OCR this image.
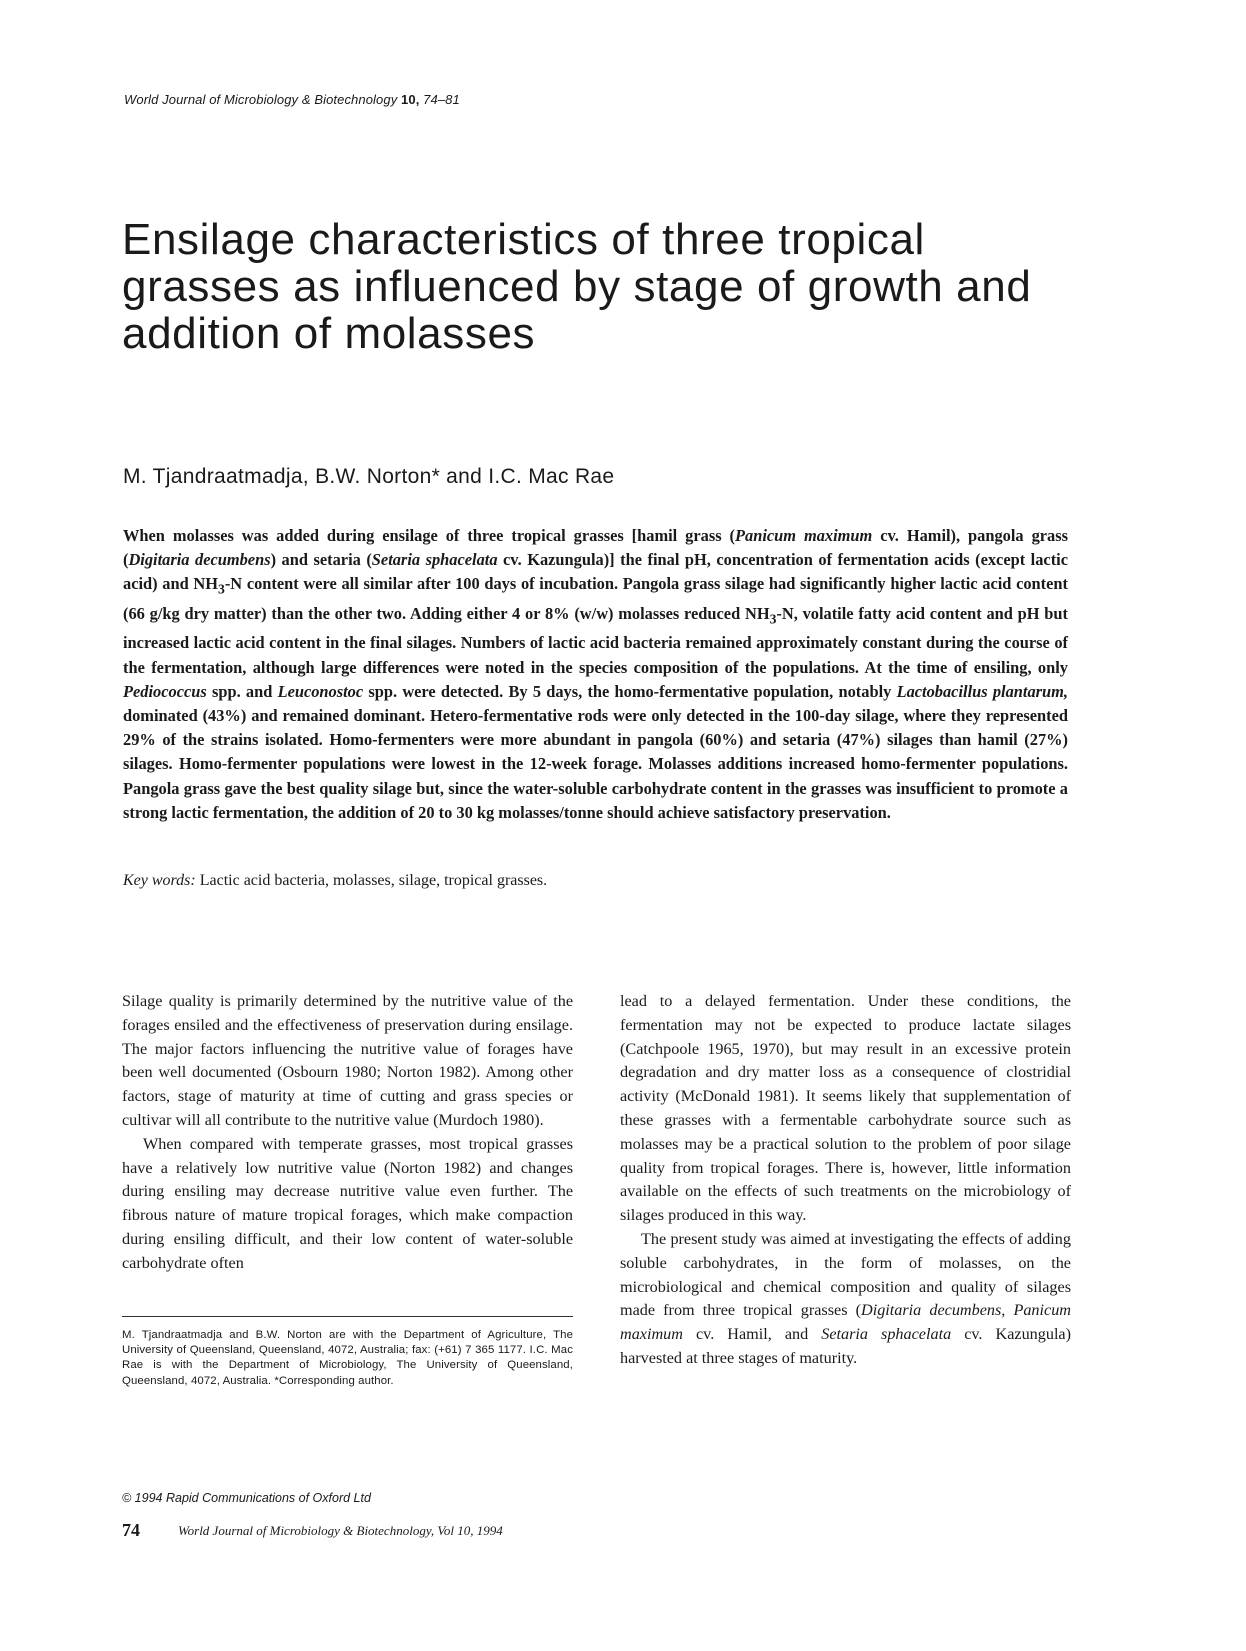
World Journal of Microbiology & Biotechnology 10, 74–81
Ensilage characteristics of three tropical grasses as influenced by stage of growth and addition of molasses
M. Tjandraatmadja, B.W. Norton* and I.C. Mac Rae

When molasses was added during ensilage of three tropical grasses [hamil grass (Panicum maximum cv. Hamil), pangola grass (Digitaria decumbens) and setaria (Setaria sphacelata cv. Kazungula)] the final pH, concentration of fermentation acids (except lactic acid) and $NH_3-N$ content were all similar after 100 days of incubation. Pangola grass silage had significantly higher lactic acid content (66 g/kg dry matter) than the other two. Adding either 4 or 8% (w/w) molasses reduced $NH_3-N$, volatile fatty acid content and pH but increased lactic acid content in the final silages. Numbers of lactic acid bacteria remained approximately constant during the course of the fermentation, although large differences were noted in the species composition of the populations. At the time of ensiling, only Pediococcus spp. and Leuconostoc spp. were detected. By 5 days, the homo-fermentative population, notably Lactobacillus plantarum, dominated (43%) and remained dominant. Hetero-fermentative rods were only detected in the 100-day silage, where they represented 29% of the strains isolated. Homo-fermenters were more abundant in pangola (60%) and setaria (47%) silages than hamil (27%) silages. Homo-fermenter populations were lowest in the 12-week forage. Molasses additions increased homo-fermenter populations. Pangola grass gave the best quality silage but, since the water-soluble carbohydrate content in the grasses was insufficient to promote a strong lactic fermentation, the addition of 20 to 30 kg molasses/tonne should achieve satisfactory preservation.

Key words: Lactic acid bacteria, molasses, silage, tropical grasses.

Silage quality is primarily determined by the nutritive value of the forages ensiled and the effectiveness of preservation during ensilage. The major factors influencing the nutritive value of forages have been well documented (Osbourn 1980; Norton 1982). Among other factors, stage of maturity at time of cutting and grass species or cultivar will all contribute to the nutritive value (Murdoch 1980).

When compared with temperate grasses, most tropical grasses have a relatively low nutritive value (Norton 1982) and changes during ensiling may decrease nutritive value even further. The fibrous nature of mature tropical forages, which make compaction during ensiling difficult, and their low content of water-soluble carbohydrate often

lead to a delayed fermentation. Under these conditions, the fermentation may not be expected to produce lactate silages (Catchpoole 1965, 1970), but may result in an excessive protein degradation and dry matter loss as a consequence of clostridial activity (McDonald 1981). It seems likely that supplementation of these grasses with a fermentable carbohydrate source such as molasses may be a practical solution to the problem of poor silage quality from tropical forages. There is, however, little information available on the effects of such treatments on the microbiology of silages produced in this way.

The present study was aimed at investigating the effects of adding soluble carbohydrates, in the form of molasses, on the microbiological and chemical composition and quality of silages made from three tropical grasses (Digitaria decumbens, Panicum maximum cv. Hamil, and Setaria sphacelata cv. Kazungula) harvested at three stages of maturity.

M. Tjandraatmadja and B.W. Norton are with the Department of Agriculture, The University of Queensland, Queensland, 4072, Australia; fax: (+61) 7 365 1177. I.C. Mac Rae is with the Department of Microbiology, The University of Queensland, Queensland, 4072, Australia. *Corresponding author.

© 1994 Rapid Communications of Oxford Ltd
74	World Journal of Microbiology & Biotechnology, Vol 10, 1994
